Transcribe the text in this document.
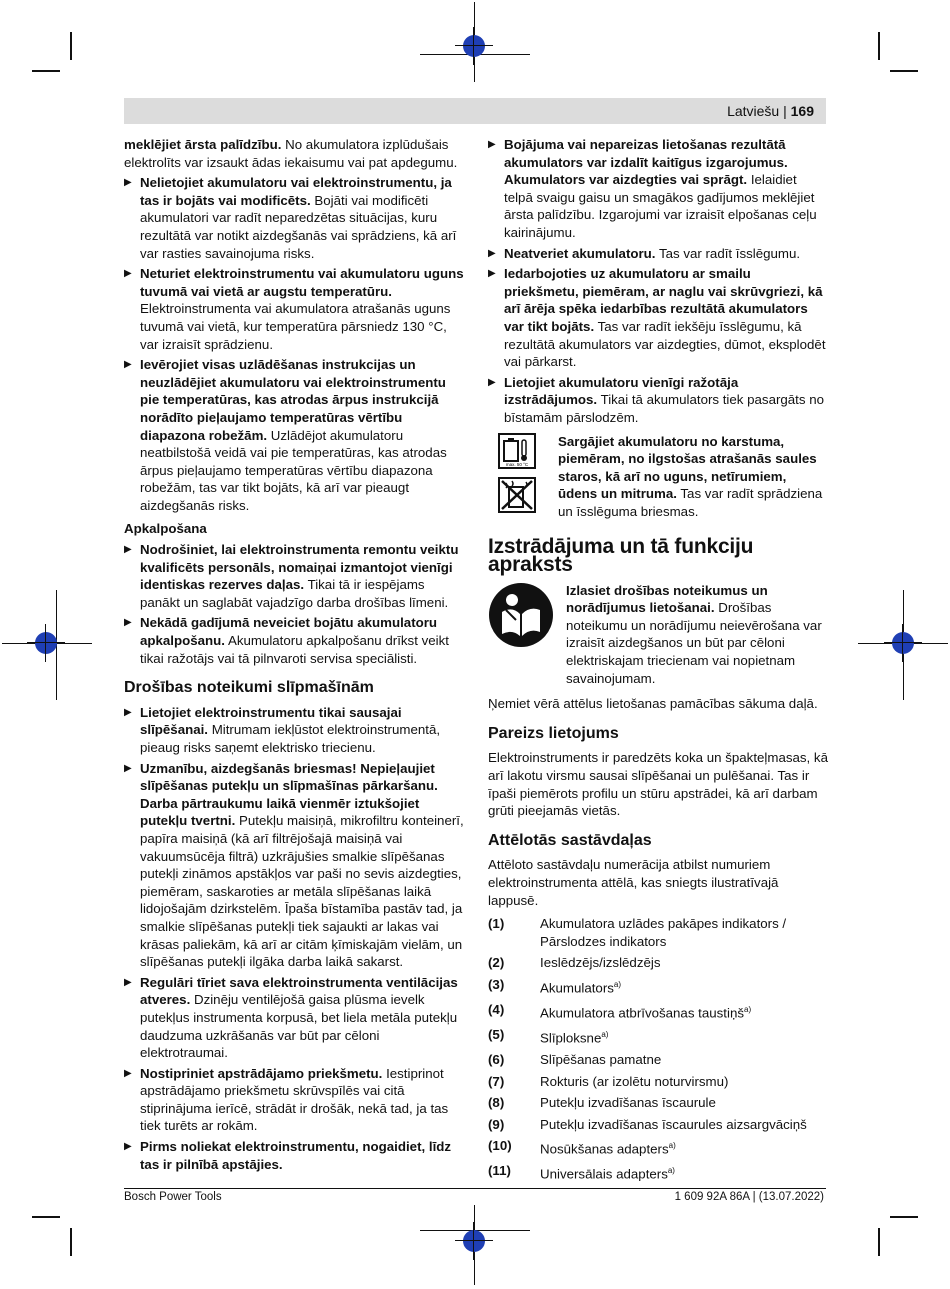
Latviešu | 169

meklējiet ārsta palīdzību. No akumulatora izplūdušais elektrolīts var izsaukt ādas iekaisumu vai pat apdegumu.

▶ Nelietojiet akumulatoru vai elektroinstrumentu, ja tas ir bojāts vai modificēts. Bojāti vai modificēti akumulatori var radīt neparedzētas situācijas, kuru rezultātā var notikt aizdegšanās vai sprādziens, kā arī var rasties savainojuma risks.

▶ Neturiet elektroinstrumentu vai akumulatoru uguns tuvumā vai vietā ar augstu temperatūru. Elektroinstrumenta vai akumulatora atrašanās uguns tuvumā vai vietā, kur temperatūra pārsniedz 130 °C, var izraisīt sprādzienu.

▶ Ievērojiet visas uzlādēšanas instrukcijas un neuzlādējiet akumulatoru vai elektroinstrumentu pie temperatūras, kas atrodas ārpus instrukcijā norādīto pieļaujamo temperatūras vērtību diapazona robežām. Uzlādējot akumulatoru neatbilstošā veidā vai pie temperatūras, kas atrodas ārpus pieļaujamo temperatūras vērtību diapazona robežām, tas var tikt bojāts, kā arī var pieaugt aizdegšanās risks.

Apkalpošana

▶ Nodrošiniet, lai elektroinstrumenta remontu veiktu kvalificēts personāls, nomaiņai izmantojot vienīgi identiskas rezerves daļas. Tikai tā ir iespējams panākt un saglabāt vajadzīgo darba drošības līmeni.

▶ Nekādā gadījumā neveiciet bojātu akumulatoru apkalpošanu. Akumulatoru apkalpošanu drīkst veikt tikai ražotājs vai tā pilnvaroti servisa speciālisti.

Drošības noteikumi slīpmašīnām

▶ Lietojiet elektroinstrumentu tikai sausajai slīpēšanai. Mitrumam iekļūstot elektroinstrumentā, pieaug risks saņemt elektrisko triecienu.

▶ Uzmanību, aizdegšanās briesmas! Nepieļaujiet slīpēšanas putekļu un slīpmašīnas pārkaršanu. Darba pārtraukumu laikā vienmēr iztukšojiet putekļu tvertni. Putekļu maisiņā, mikrofiltru konteinerī, papīra maisiņā (kā arī filtrējošajā maisiņā vai vakuumsūcēja filtrā) uzkrājušies smalkie slīpēšanas putekļi zināmos apstākļos var paši no sevis aizdegties, piemēram, saskaroties ar metāla slīpēšanas laikā lidojošajām dzirkstelēm. Īpaša bīstamība pastāv tad, ja smalkie slīpēšanas putekļi tiek sajaukti ar lakas vai krāsas paliekām, kā arī ar citām ķīmiskajām vielām, un slīpēšanas putekļi ilgāka darba laikā sakarst.

▶ Regulāri tīriet sava elektroinstrumenta ventilācijas atveres. Dzinēju ventilējošā gaisa plūsma ievelk putekļus instrumenta korpusā, bet liela metāla putekļu daudzuma uzkrāšanās var būt par cēloni elektrotraumai.

▶ Nostipriniet apstrādājamo priekšmetu. Iestiprinot apstrādājamo priekšmetu skrūvspīlēs vai citā stiprinājuma ierīcē, strādāt ir drošāk, nekā tad, ja tas tiek turēts ar rokām.

▶ Pirms noliekat elektroinstrumentu, nogaidiet, līdz tas ir pilnībā apstājies.

▶ Bojājuma vai nepareizas lietošanas rezultātā akumulators var izdalīt kaitīgus izgarojumus. Akumulators var aizdegties vai sprāgt. Ielaidiet telpā svaigu gaisu un smagākos gadījumos meklējiet ārsta palīdzību. Izgarojumi var izraisīt elpošanas ceļu kairinājumu.

▶ Neatveriet akumulatoru. Tas var radīt īsslēgumu.

▶ Iedarbojoties uz akumulatoru ar smailu priekšmetu, piemēram, ar naglu vai skrūvgriezi, kā arī ārēja spēka iedarbības rezultātā akumulators var tikt bojāts. Tas var radīt iekšēju īsslēgumu, kā rezultātā akumulators var aizdegties, dūmot, eksplodēt vai pārkarst.

▶ Lietojiet akumulatoru vienīgi ražotāja izstrādājumos. Tikai tā akumulators tiek pasargāts no bīstamām pārslodzēm.

max. 50 °C

Sargājiet akumulatoru no karstuma, piemēram, no ilgstošas atrašanās saules staros, kā arī no uguns, netīrumiem, ūdens un mitruma. Tas var radīt sprādziena un īsslēguma briesmas.

Izstrādājuma un tā funkciju apraksts

Izlasiet drošības noteikumus un norādījumus lietošanai. Drošības noteikumu un norādījumu neievērošana var izraisīt aizdegšanos un būt par cēloni elektriskajam triecienam vai nopietnam savainojumam.

Ņemiet vērā attēlus lietošanas pamācības sākuma daļā.

Pareizs lietojums

Elektroinstruments ir paredzēts koka un špakteļmasas, kā arī lakotu virsmu sausai slīpēšanai un pulēšanai. Tas ir īpaši piemērots profilu un stūru apstrādei, kā arī darbam grūti pieejamās vietās.

Attēlotās sastāvdaļas

Attēloto sastāvdaļu numerācija atbilst numuriem elektroinstrumenta attēlā, kas sniegts ilustratīvajā lappusē.

(1)	Akumulatora uzlādes pakāpes indikators / Pārslodzes indikators
(2)	Ieslēdzējs/izslēdzējs
(3)	Akumulators$^{a)}$
(4)	Akumulatora atbrīvošanas taustiņš$^{a)}$
(5)	Slīploksne$^{a)}$
(6)	Slīpēšanas pamatne
(7)	Rokturis (ar izolētu noturvirsmu)
(8)	Putekļu izvadīšanas īscaurule
(9)	Putekļu izvadīšanas īscaurules aizsargvāciņš
(10)	Nosūkšanas adapters$^{a)}$
(11)	Universālais adapters$^{a)}$
Bosch Power Tools	1 609 92A 86A | (13.07.2022)
